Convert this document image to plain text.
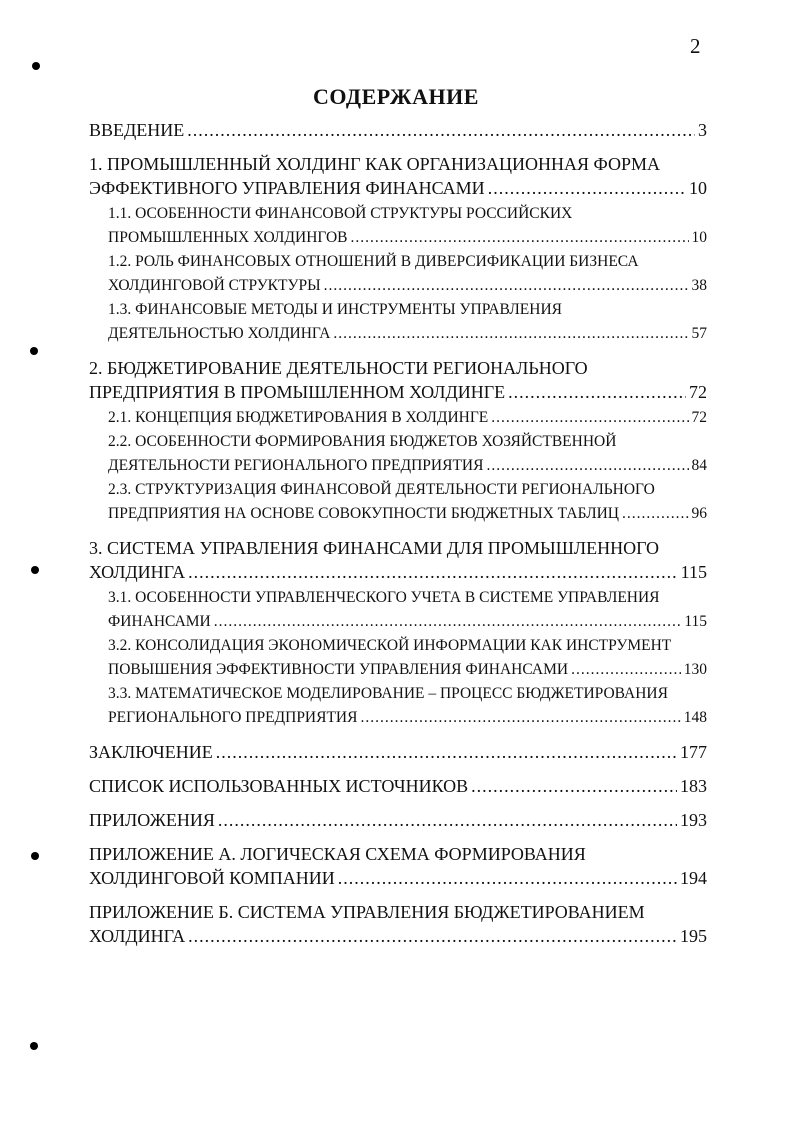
2
СОДЕРЖАНИЕ
ВВЕДЕНИЕ .....	3
1. ПРОМЫШЛЕННЫЙ ХОЛДИНГ КАК ОРГАНИЗАЦИОННАЯ ФОРМА
ЭФФЕКТИВНОГО УПРАВЛЕНИЯ ФИНАНСАМИ .....	10
1.1. ОСОБЕННОСТИ ФИНАНСОВОЙ СТРУКТУРЫ РОССИЙСКИХ
ПРОМЫШЛЕННЫХ ХОЛДИНГОВ .....	10
1.2. РОЛЬ ФИНАНСОВЫХ ОТНОШЕНИЙ В ДИВЕРСИФИКАЦИИ БИЗНЕСА
ХОЛДИНГОВОЙ СТРУКТУРЫ .....	38
1.3. ФИНАНСОВЫЕ МЕТОДЫ И ИНСТРУМЕНТЫ УПРАВЛЕНИЯ
ДЕЯТЕЛЬНОСТЬЮ ХОЛДИНГА .....	57
2. БЮДЖЕТИРОВАНИЕ ДЕЯТЕЛЬНОСТИ РЕГИОНАЛЬНОГО
ПРЕДПРИЯТИЯ В ПРОМЫШЛЕННОМ ХОЛДИНГЕ .....	72
2.1. КОНЦЕПЦИЯ БЮДЖЕТИРОВАНИЯ В ХОЛДИНГЕ .....	72
2.2. ОСОБЕННОСТИ ФОРМИРОВАНИЯ БЮДЖЕТОВ ХОЗЯЙСТВЕННОЙ
ДЕЯТЕЛЬНОСТИ РЕГИОНАЛЬНОГО ПРЕДПРИЯТИЯ .....	84
2.3. СТРУКТУРИЗАЦИЯ ФИНАНСОВОЙ ДЕЯТЕЛЬНОСТИ РЕГИОНАЛЬНОГО
ПРЕДПРИЯТИЯ НА ОСНОВЕ СОВОКУПНОСТИ БЮДЖЕТНЫХ ТАБЛИЦ .....	96
3. СИСТЕМА УПРАВЛЕНИЯ ФИНАНСАМИ ДЛЯ ПРОМЫШЛЕННОГО
ХОЛДИНГА .....	115
3.1. ОСОБЕННОСТИ УПРАВЛЕНЧЕСКОГО УЧЕТА В СИСТЕМЕ УПРАВЛЕНИЯ
ФИНАНСАМИ .....	115
3.2. КОНСОЛИДАЦИЯ ЭКОНОМИЧЕСКОЙ ИНФОРМАЦИИ КАК ИНСТРУМЕНТ
ПОВЫШЕНИЯ ЭФФЕКТИВНОСТИ УПРАВЛЕНИЯ ФИНАНСАМИ .....	130
3.3. МАТЕМАТИЧЕСКОЕ МОДЕЛИРОВАНИЕ – ПРОЦЕСС БЮДЖЕТИРОВАНИЯ
РЕГИОНАЛЬНОГО ПРЕДПРИЯТИЯ .....	148
ЗАКЛЮЧЕНИЕ .....	177
СПИСОК ИСПОЛЬЗОВАННЫХ ИСТОЧНИКОВ .....	183
ПРИЛОЖЕНИЯ .....	193
ПРИЛОЖЕНИЕ А. ЛОГИЧЕСКАЯ СХЕМА ФОРМИРОВАНИЯ
ХОЛДИНГОВОЙ КОМПАНИИ .....	194
ПРИЛОЖЕНИЕ Б. СИСТЕМА УПРАВЛЕНИЯ БЮДЖЕТИРОВАНИЕМ
ХОЛДИНГА .....	195
